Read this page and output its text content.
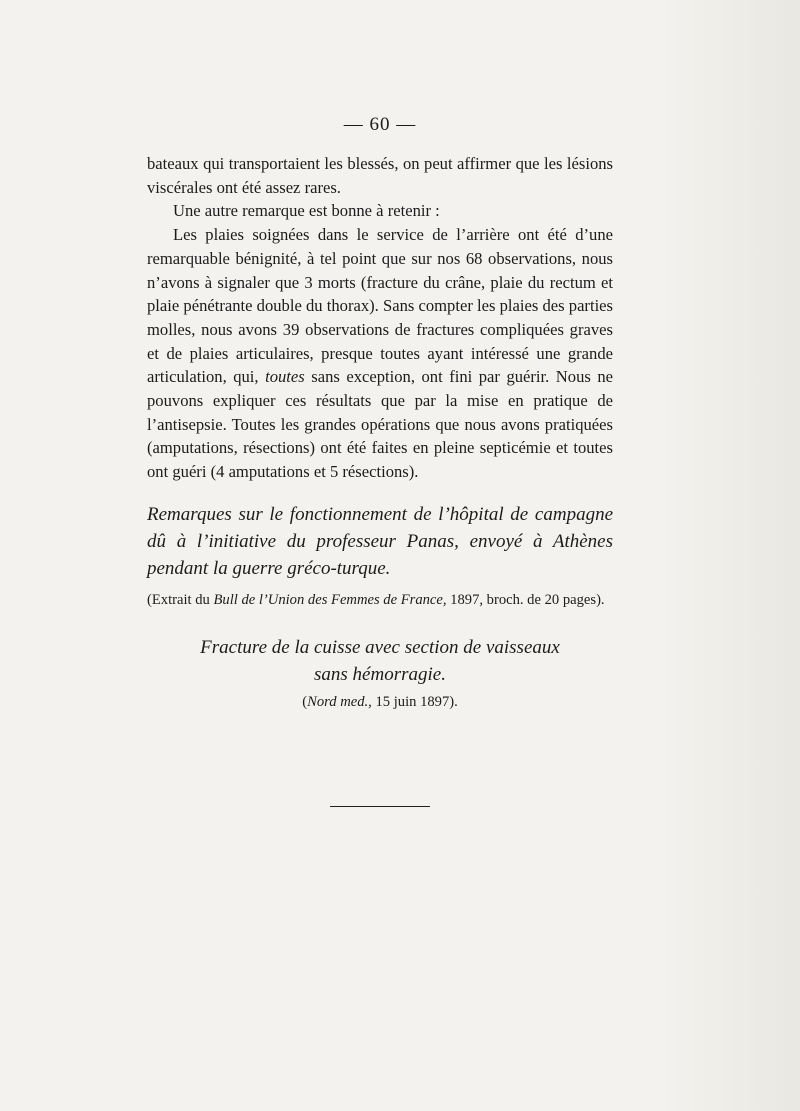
— 60 —

bateaux qui transportaient les blessés, on peut affirmer que les lésions viscérales ont été assez rares.

Une autre remarque est bonne à retenir :

Les plaies soignées dans le service de l’arrière ont été d’une remarquable bénignité, à tel point que sur nos 68 observations, nous n’avons à signaler que 3 morts (fracture du crâne, plaie du rectum et plaie pénétrante double du thorax). Sans compter les plaies des parties molles, nous avons 39 observations de fractures compliquées graves et de plaies articulaires, presque toutes ayant intéressé une grande articulation, qui, toutes sans exception, ont fini par guérir. Nous ne pouvons expliquer ces résultats que par la mise en pratique de l’antisepsie. Toutes les grandes opérations que nous avons pratiquées (amputations, résections) ont été faites en pleine septicémie et toutes ont guéri (4 amputations et 5 résections).

Remarques sur le fonctionnement de l’hôpital de campagne dû à l’initiative du professeur Panas, envoyé à Athènes pendant la guerre gréco-turque.
(Extrait du Bull de l’Union des Femmes de France, 1897, broch. de 20 pages).
Fracture de la cuisse avec section de vaisseaux
sans hémorragie.
(Nord med., 15 juin 1897).
